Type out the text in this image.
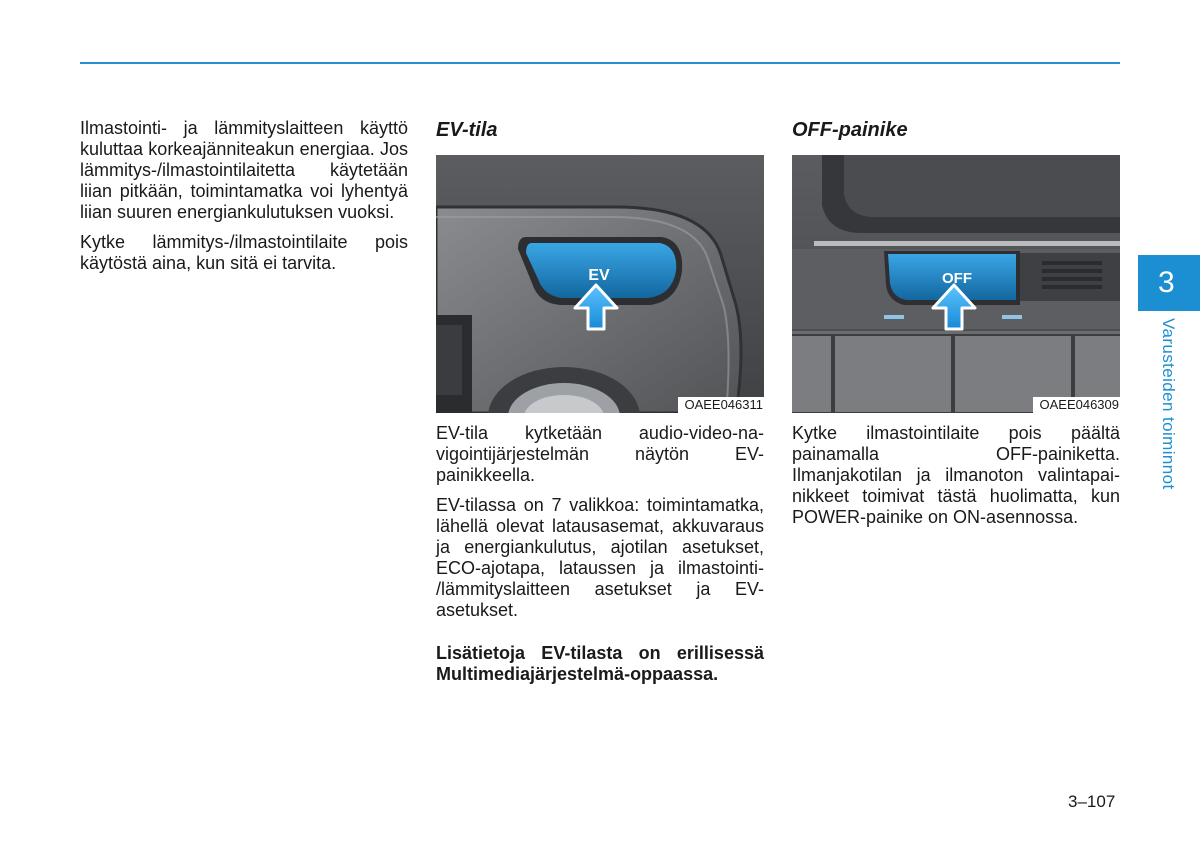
Ilmastointi- ja lämmityslaitteen käyttö kuluttaa korkeajänniteakun energiaa. Jos lämmitys-/ilmastointilaitetta käytetään liian pitkään, toimintamatka voi lyhentyä liian suuren energiankulutuksen vuoksi.

Kytke lämmitys-/ilmastointilaite pois käytöstä aina, kun sitä ei tarvita.

EV-tila
EV
OAEE046311

EV-tila kytketään audio-video-navigointijärjestelmän näytön EV-painikkeella.

EV-tilassa on 7 valikkoa: toimintamatka, lähellä olevat latausasemat, akkuvaraus ja energiankulutus, ajotilan asetukset, ECO-ajotapa, lataussen ja ilmastointi- /lämmityslaitteen asetukset ja EV-asetukset.

Lisätietoja EV-tilasta on erillisessä Multimediajärjestelmä-oppaassa.

OFF-painike
OFF
OAEE046309

Kytke ilmastointilaite pois päältä painamalla OFF-painiketta. Ilmanjakotilan ja ilmanoton valintapainikkeet toimivat tästä huolimatta, kun POWER-painike on ON-asennossa.

3
Varusteiden toiminnot
3–107
